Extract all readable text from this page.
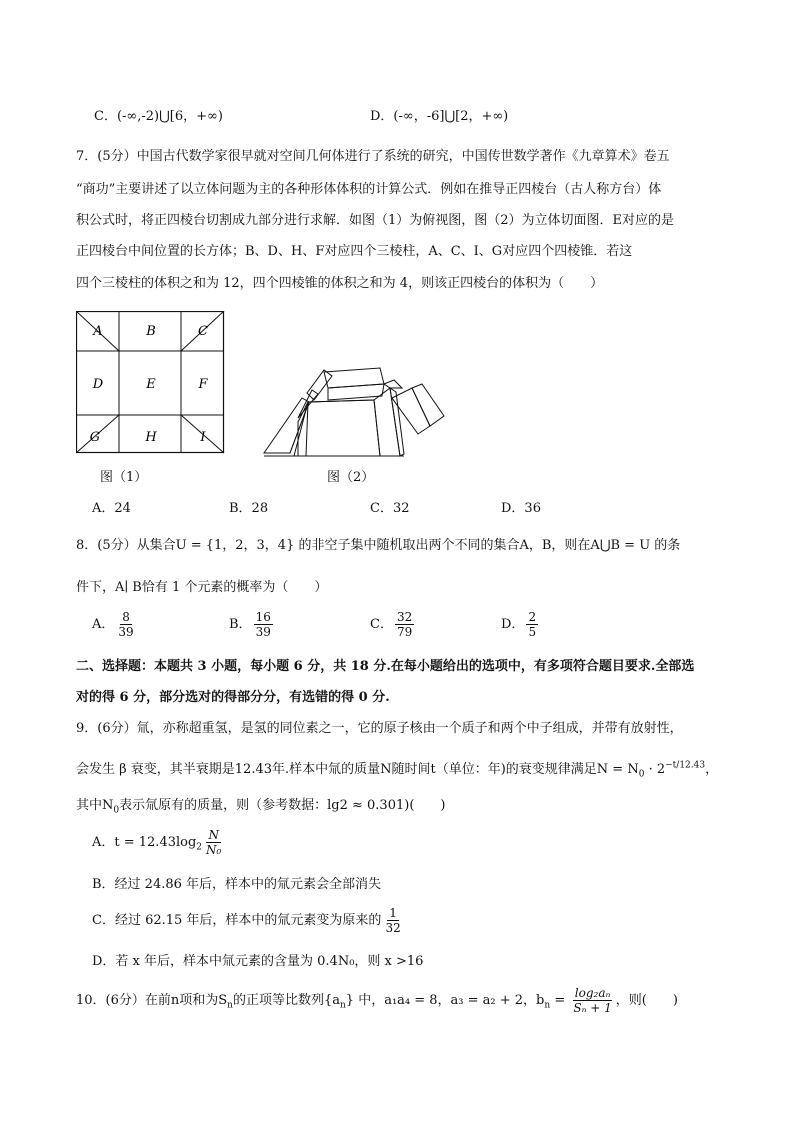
C．(-∞,-2)⋃[6，+∞)	D．(-∞，-6]⋃[2，+∞)
7．(5分）中国古代数学家很早就对空间几何体进行了系统的研究，中国传世数学著作《九章算术》卷五
“商功”主要讲述了以立体问题为主的各种形体体积的计算公式．例如在推导正四棱台（古人称方台）体
积公式时，将正四棱台切割成九部分进行求解．如图（1）为俯视图，图（2）为立体切面图．E对应的是
正四棱台中间位置的长方体；B、D、H、F对应四个三棱柱，A、C、I、G对应四个四棱锥．若这
四个三棱柱的体积之和为 12，四个四棱锥的体积之和为 4，则该正四棱台的体积为（　　）
A	B	C
D	E	F
G	H	I
图（1）	图（2）
A．24	B．28	C．32	D．36
8．(5分）从集合U = {1，2，3，4} 的非空子集中随机取出两个不同的集合A，B，则在A⋃B = U 的条
件下，A∣ B恰有 1 个元素的概率为（　　）
A． $\frac{8}{39}$	B． $\frac{16}{39}$	C． $\frac{32}{79}$	D． $\frac{2}{5}$
二、选择题：本题共 3 小题，每小题 6 分，共 18 分.在每小题给出的选项中，有多项符合题目要求.全部选
对的得 6 分，部分选对的得部分分，有选错的得 0 分.
9．(6分）氚，亦称超重氢，是氢的同位素之一，它的原子核由一个质子和两个中子组成，并带有放射性，
会发生 β 衰变，其半衰期是12.43年.样本中氚的质量N随时间t（单位：年)的衰变规律满足$N = N_0 \cdot 2^{-t/12.43}$，
其中$N_0$表示氚原有的质量，则（参考数据：lg2 ≈ 0.301)(　　)
A．$t = 12.43\log_2 \frac{N}{\text{N₀}}$
B．经过 24.86 年后，样本中的氚元素会全部消失
C．经过 62.15 年后，样本中的氚元素变为原来的 $\frac{1}{32}$
D．若 x 年后，样本中氚元素的含量为 0.4N₀，则 x >16
10．(6分）在前n项和为$S_n$的正项等比数列$\{a_n\}$ 中，a₁a₄ = 8，a₃ = a₂ + 2，$b_n = \frac{\text{log₂aₙ}}{\text{Sₙ + 1}}$ ，则(　　)
